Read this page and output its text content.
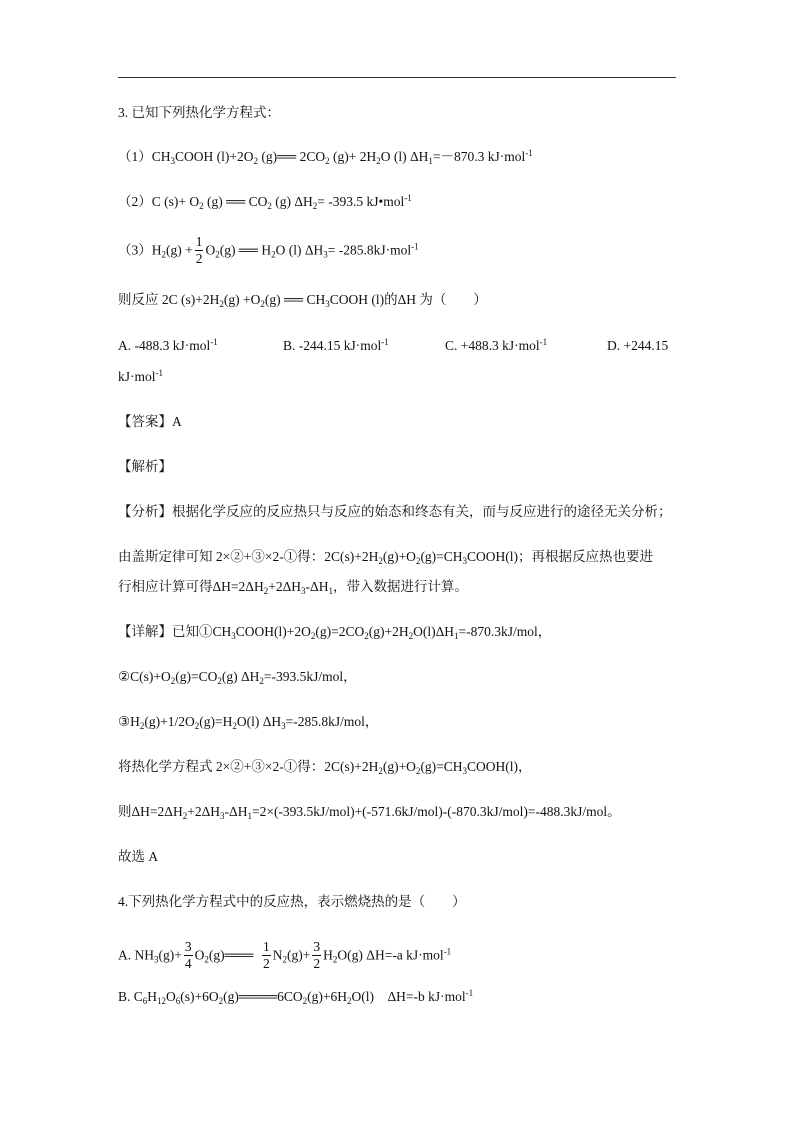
3. 已知下列热化学方程式：
$(1)CH_3COOH$ $(l)+2O_2$ (g)══ $2CO_2$ $(g)+ 2H_2O$ (l) $\Delta H_1=-870.3$ kJ·mol$^{-1}$
（2）C $(s)+ O_2$ (g) ══ $CO_2$ (g) $\Delta H_2= -393.5$ kJ•mol$^{-1}$
$(3)H_2(g) + \frac{1}{2} O_2(g)$ ══ $H_2O$ (l) $\Delta H_3= -285.8kJ\cdot mol^{-1}$
则反应 2C $(s)+2H_2(g) +O_2(g)$ ══ $CH_3COOH$ (l)的ΔH 为（　　）
A. -488.3 kJ·mol$^{-1}$	B. -244.15 kJ·mol$^{-1}$	C. +488.3 kJ·mol$^{-1}$	D. +244.15
kJ·mol$^{-1}$
【答案】A
【解析】
【分析】根据化学反应的反应热只与反应的始态和终态有关，而与反应进行的途径无关分析；
由盖斯定律可知 2×②+③×2-①得：$2C(s)+2H_2(g)+O_2(g)=CH_3COOH(l)$；再根据反应热也要进
行相应计算可得$\Delta H=2\Delta H_2+2\Delta H_3-\Delta H_1$，带入数据进行计算。
【详解】已知$①CH_3COOH(l)+2O_2(g)=2CO_2(g)+2H_2O(l)\Delta H_1=-870.3kJ$/mol，
$②C(s)+O_2(g)=CO_2(g)$ $\Delta H_2=-393.5kJ$/mol，
$③H_2(g)+1/2O_2(g)=H_2O(l)$ $\Delta H_3=-285.8kJ$/mol，
将热化学方程式 2×②+③×2-①得：$2C(s)+2H_2(g)+O_2(g)=CH_3COOH(l)$，
则$\Delta H=2\Delta H_2+2\Delta H_3-\Delta H_1=2\times(-393.5kJ/mol)+(-571.6kJ/mol)-(-870.3kJ/mol)=-488.3kJ$/mol。
故选 A
4.下列热化学方程式中的反应热，表示燃烧热的是（　　）
A. $NH_3(g)+ \frac{3}{4}$ $O_2(g)═══ \frac{1}{2} N_2(g)+ \frac{3}{2} H_2O(g)$ ΔH=-a kJ·mol$^{-1}$
B. $C_6H_{12}O_6(s)+6O_2(g)════6CO_2(g)+6H_2O(l)$　ΔH=-b kJ·mol$^{-1}$
